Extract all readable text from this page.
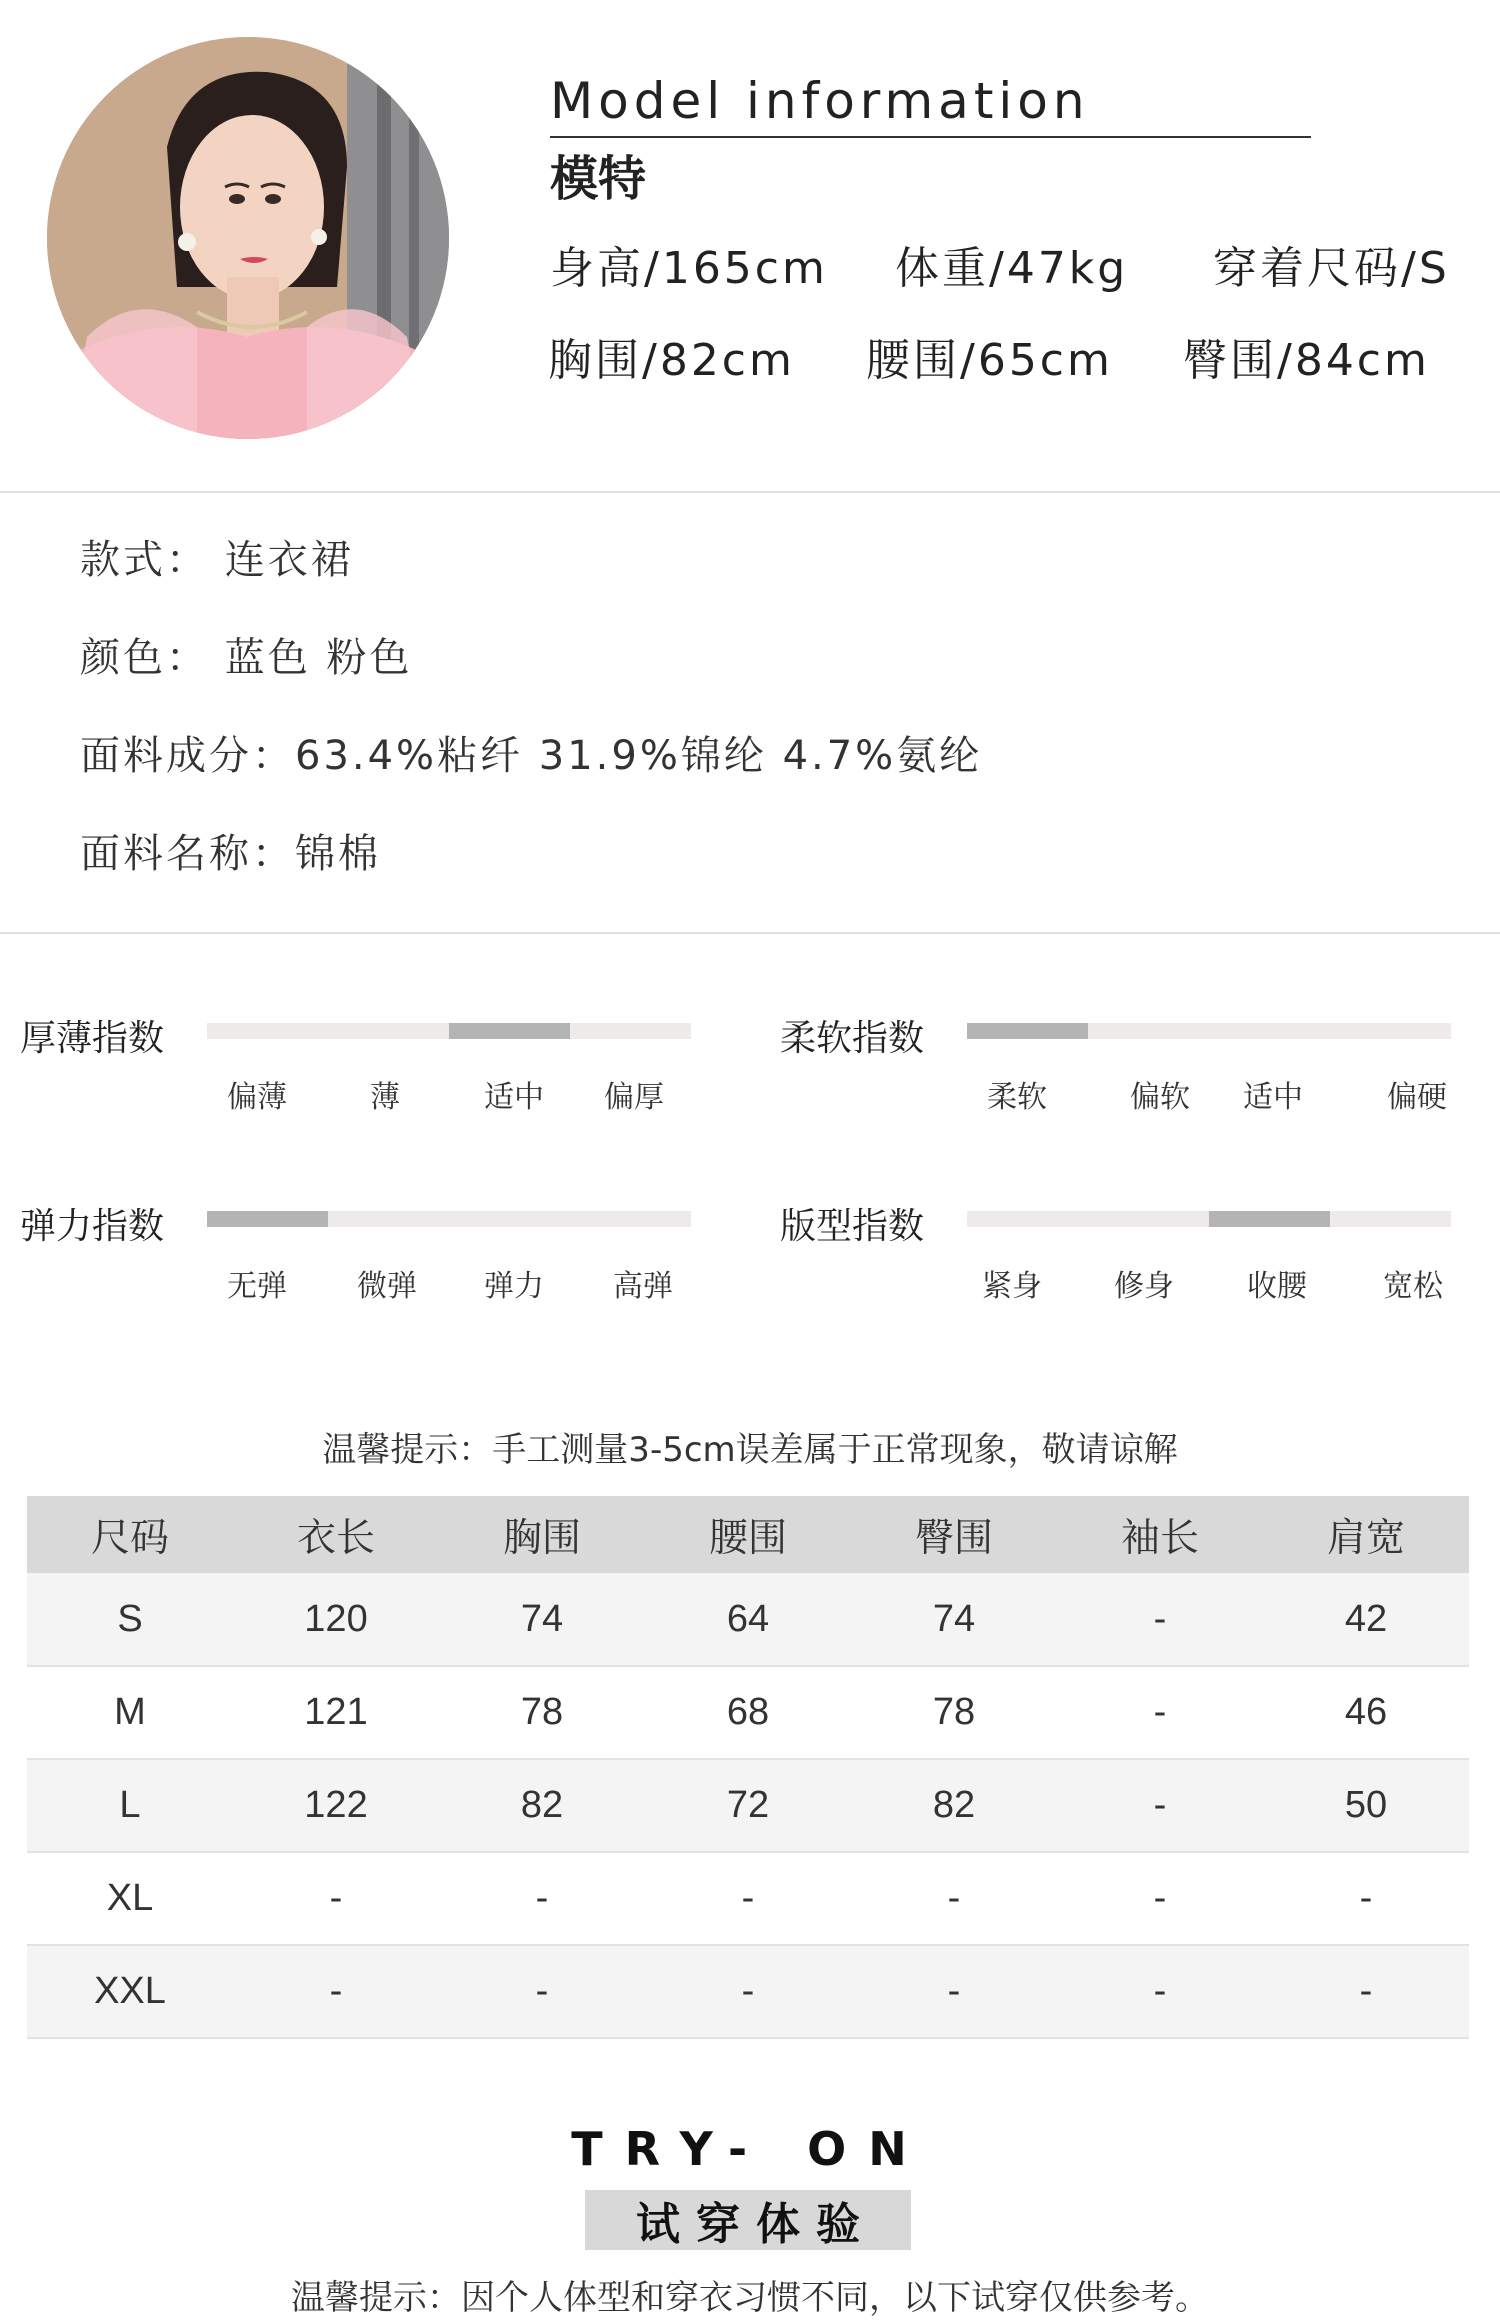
Model information
模特
身高/165cm 体重/47kg 穿着尺码/S
胸围/82cm 腰围/65cm 臀围/84cm
款式： 连衣裙
颜色： 蓝色 粉色
面料成分：63.4%粘纤 31.9%锦纶 4.7%氨纶
面料名称：锦棉
厚薄指数
偏薄	薄	适中 偏厚
柔软指数
柔软	偏软 适中	偏硬
弹力指数
无弹 微弹 弹力 高弹
版型指数
紧身 修身 收腰	宽松
温馨提示：手工测量3-5cm误差属于正常现象，敬请谅解
尺码	衣长	胸围	腰围	臀围	袖长	肩宽
S	120	74	64	74	-	42
M	121	78	68	78	-	46
L	122	82	72	82	-	50
XL	-	-	-	-	-	-
XXL	-	-	-	-	-	-
TRY- ON
试穿体验
温馨提示：因个人体型和穿衣习惯不同，以下试穿仅供参考。
